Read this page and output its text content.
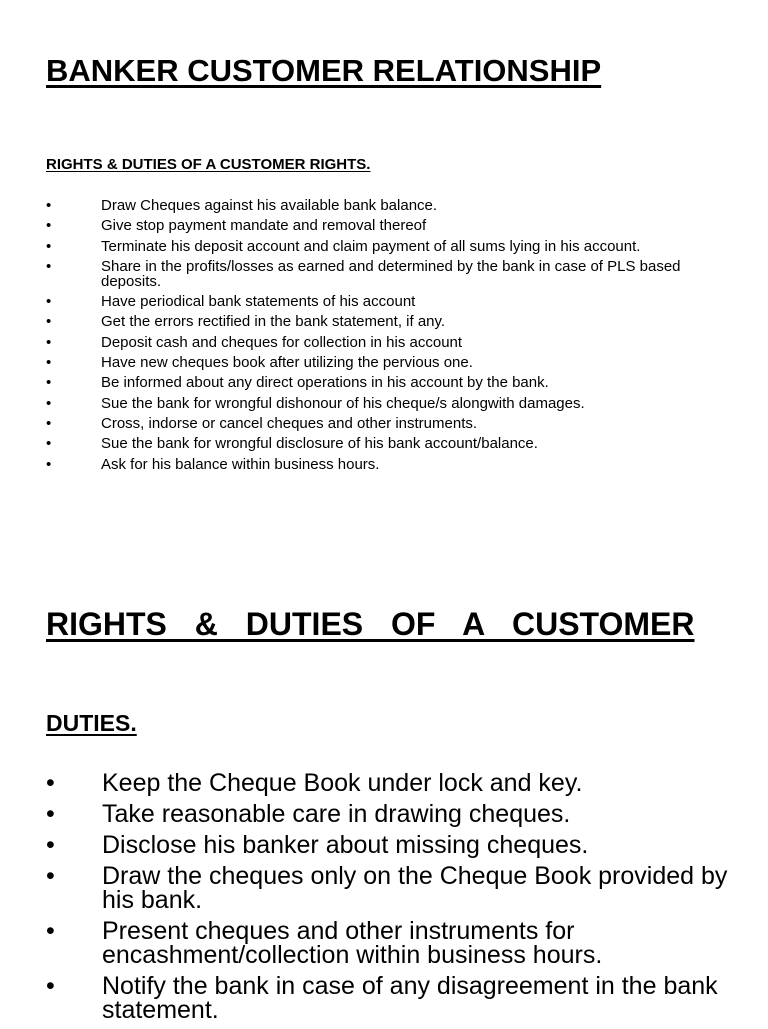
BANKER CUSTOMER RELATIONSHIP
RIGHTS & DUTIES OF A CUSTOMER RIGHTS.
•	Draw Cheques against his available bank balance.
•	Give stop payment mandate and removal thereof
•	Terminate his deposit account and claim payment of all sums lying in his account.
•	Share in the profits/losses as earned and determined by the bank in case of PLS based deposits.
•	Have periodical bank statements of his account
•	Get the errors rectified in the bank statement, if any.
•	Deposit cash and cheques for collection in his account
•	Have new cheques book after utilizing the pervious one.
•	Be informed about any direct operations in his account by the bank.
•	Sue the bank for wrongful dishonour of his cheque/s alongwith damages.
•	Cross, indorse or cancel cheques and other instruments.
•	Sue the bank for wrongful disclosure of his bank account/balance.
•	Ask for his balance within business hours.
RIGHTS & DUTIES OF A CUSTOMER
DUTIES.
• Keep the Cheque Book under lock and key.
• Take reasonable care in drawing cheques.
• Disclose his banker about missing cheques.
• Draw the cheques only on the Cheque Book provided by his bank.
• Present cheques and other instruments for encashment/collection within business hours.
• Notify the bank in case of any disagreement in the bank statement.
